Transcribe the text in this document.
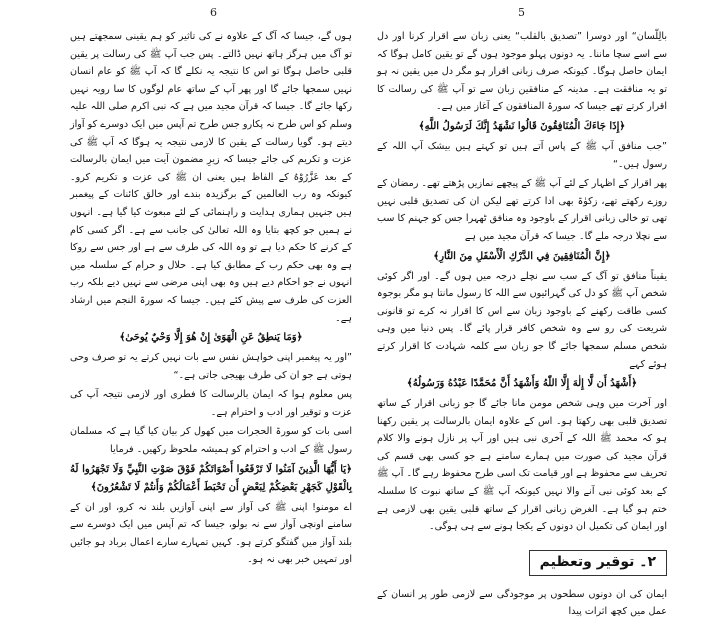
6	5

ہوں گے، جیسا کہ آگ کے علاوہ نے کی تاثیر کو ہم یقینی سمجھتے ہیں تو آگ میں ہرگز ہاتھ نہیں ڈالتے۔ پس جب آپ ﷺ کی رسالت پر یقین قلبی حاصل ہوگا تو اس کا نتیجہ یہ نکلے گا کہ آپ ﷺ کو عام انسان نہیں سمجھا جائے گا اور پھر آپ کے ساتھ عام لوگوں کا سا رویہ نہیں رکھا جائے گا۔ جیسا کہ قرآن مجید میں ہے کہ نبی اکرم صلی اللہ علیہ وسلم کو اس طرح نہ پکارو جس طرح تم آپس میں ایک دوسرے کو آواز دیتے ہو۔ گویا رسالت کے یقین کا لازمی نتیجہ یہ ہوگا کہ آپ ﷺ کی عزت و تکریم کی جائے جیسا کہ زیرِ مضمون آیت میں ایمان بالرسالت کے بعد عَزَّرُوْهُ کے الفاظ ہیں یعنی ان ﷺ کی عزت و تکریم کرو۔ کیونکہ وہ رب العالمین کے برگزیدہ بندے اور خالق کائنات کے پیغمبر ہیں جنہیں ہماری ہدایت و راہنمائی کے لئے مبعوث کیا گیا ہے۔ انہوں نے ہمیں جو کچھ بتایا وہ اللہ تعالیٰ کی جانب سے ہے۔ اگر کسی کام کے کرنے کا حکم دیا ہے تو وہ اللہ کی طرف سے ہے اور جس سے روکا ہے وہ بھی حکم رب کے مطابق کیا ہے۔ حلال و حرام کے سلسلہ میں انہوں نے جو احکام دیے ہیں وہ بھی اپنی مرضی سے نہیں دیے بلکہ رب العزت کی طرف سے پیش کئے ہیں۔ جیسا کہ سورۃ النجم میں ارشاد ہے۔

﴿وَمَا يَنطِقُ عَنِ الْهَوَىٰ إِنْ هُوَ إِلَّا وَحْيٌ يُوحَىٰ﴾

”اور یہ پیغمبر اپنی خواہش نفس سے بات نہیں کرتے یہ تو صرف وحی ہوتی ہے جو ان کی طرف بھیجی جاتی ہے۔“

پس معلوم ہوا کہ ایمان بالرسالت کا فطری اور لازمی نتیجہ آپ کی عزت و توقیر اور ادب و احترام ہے۔

اسی بات کو سورۃ الحجرات میں کھول کر بیان کیا گیا ہے کہ مسلمان رسول ﷺ کے ادب و احترام کو ہمیشہ ملحوظ رکھیں۔ فرمایا

﴿يَا أَيُّهَا الَّذِينَ آمَنُوا لَا تَرْفَعُوا أَصْوَاتَكُمْ فَوْقَ صَوْتِ النَّبِيِّ وَلَا تَجْهَرُوا لَهُ بِالْقَوْلِ كَجَهْرِ بَعْضِكُمْ لِبَعْضٍ أَن تَحْبَطَ أَعْمَالُكُمْ وَأَنتُمْ لَا تَشْعُرُونَ﴾

اے مومنو! اپنی ﷺ کی آواز سے اپنی آوازیں بلند نہ کرو، اور ان کے سامنے اونچی آواز سے نہ بولو، جیسا کہ تم آپس میں ایک دوسرے سے بلند آواز میں گفتگو کرتے ہو۔ کہیں تمہارے سارے اعمال برباد ہو جائیں اور تمہیں خبر بھی نہ ہو۔

بالِلّسان“ اور دوسرا ”تصدیق بالقلب“ یعنی زبان سے اقرار کرنا اور دل سے اسے سچا ماننا۔ یہ دونوں پہلو موجود ہوں گے تو یقین کامل ہوگا کہ ایمان حاصل ہوگا۔ کیونکہ صرف زبانی اقرار ہو مگر دل میں یقین نہ ہو تو یہ منافقت ہے۔ مدینہ کے منافقین زبان سے تو آپ ﷺ کی رسالت کا اقرار کرتے تھے جیسا کہ سورۃ المنافقون کے آغاز میں ہے۔

﴿إِذَا جَاءَكَ الْمُنَافِقُونَ قَالُوا نَشْهَدُ إِنَّكَ لَرَسُولُ اللَّهِ﴾

”جب منافق آپ ﷺ کے پاس آتے ہیں تو کہتے ہیں بیشک آپ اللہ کے رسول ہیں۔“

پھر اقرار کے اظہار کے لئے آپ ﷺ کے پیچھے نمازیں پڑھتے تھے۔ رمضان کے روزے رکھتے تھے، زکوٰۃ بھی ادا کرتے تھے لیکن ان کی تصدیق قلبی نہیں تھی تو خالی زبانی اقرار کے باوجود وہ منافق ٹھہرا جس کو جہنم کا سب سے نچلا درجہ ملے گا۔ جیسا کہ قرآن مجید میں ہے

﴿إِنَّ الْمُنَافِقِينَ فِي الدَّرْكِ الْأَسْفَلِ مِنَ النَّارِ﴾

یقیناً منافق تو آگ کے سب سے نچلے درجہ میں ہوں گے۔ اور اگر کوئی شخص آپ ﷺ کو دل کی گہرائیوں سے اللہ کا رسول مانتا ہو مگر بوجوہ کسی طاقت رکھنے کے باوجود زبان سے اس کا اقرار نہ کرے تو قانونی شریعت کی رو سے وہ شخص کافر قرار پائے گا۔ پس دنیا میں وہی شخص مسلم سمجھا جائے گا جو زبان سے کلمہ شہادت کا اقرار کرتے ہوئے کہے

﴿أَشْهَدُ أَن لَّا إِلٰهَ إِلَّا اللّٰهُ وَأَشْهَدُ أَنَّ مُحَمَّدًا عَبْدُهُ وَرَسُولُهُ﴾

اور آخرت میں وہی شخص مومن مانا جائے گا جو زبانی اقرار کے ساتھ تصدیق قلبی بھی رکھتا ہو۔ اس کے علاوہ ایمان بالرسالت پر یقین رکھنا ہو کہ محمد ﷺ اللہ کے آخری نبی ہیں اور آپ پر نازل ہونے والا کلام قرآن مجید کی صورت میں ہمارے سامنے ہے جو کسی بھی قسم کی تحریف سے محفوظ ہے اور قیامت تک اسی طرح محفوظ رہے گا۔ آپ ﷺ کے بعد کوئی نبی آنے والا نہیں کیونکہ آپ ﷺ کے ساتھ نبوت کا سلسلہ ختم ہو گیا ہے۔ الغرض زبانی اقرار کے ساتھ قلبی یقین بھی لازمی ہے اور ایمان کی تکمیل ان دونوں کے یکجا ہونے سے ہی ہوگی۔

۲۔ توقیر وتعظیم

ایمان کی ان دونوں سطحوں پر موجودگی سے لازمی طور پر انسان کے عمل میں کچھ اثرات پیدا
